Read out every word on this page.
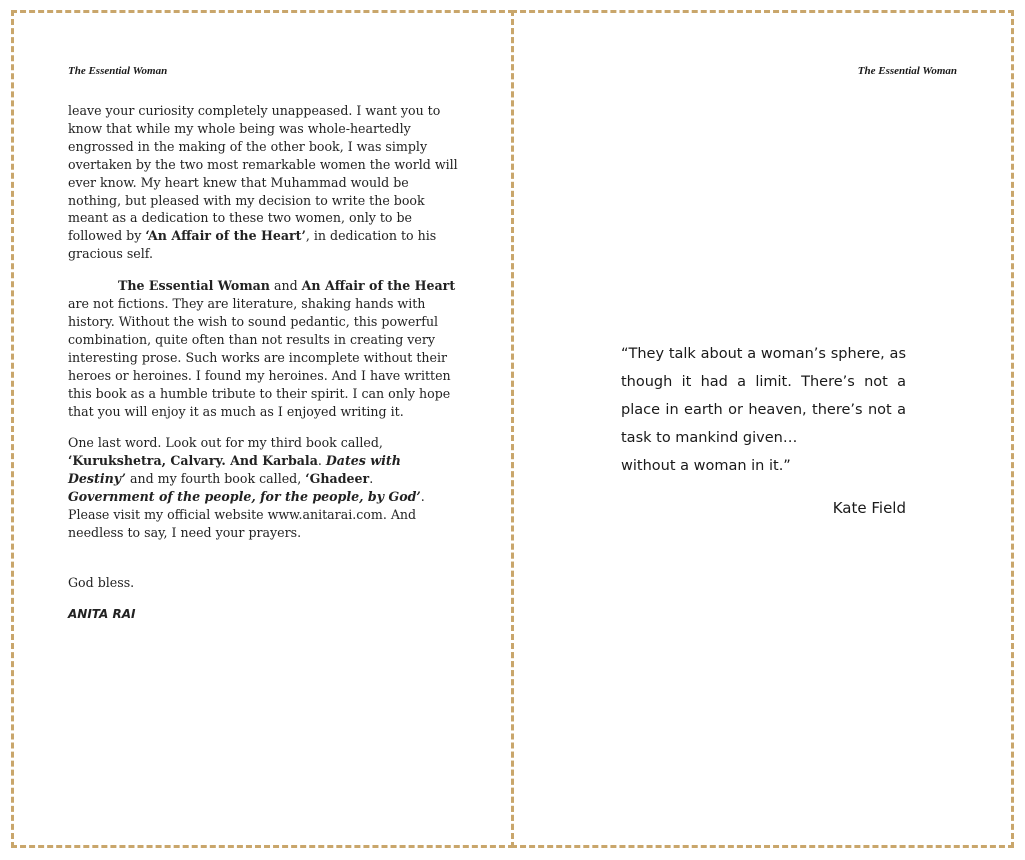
The Essential Woman

leave your curiosity completely unappeased. I want you to know that while my whole being was whole-heartedly engrossed in the making of the other book, I was simply overtaken by the two most remarkable women the world will ever know. My heart knew that Muhammad would be nothing, but pleased with my decision to write the book meant as a dedication to these two women, only to be followed by ‘An Affair of the Heart’, in dedication to his gracious self.

The Essential Woman and An Affair of the Heart are not fictions. They are literature, shaking hands with history. Without the wish to sound pedantic, this powerful combination, quite often than not results in creating very interesting prose. Such works are incomplete without their heroes or heroines. I found my heroines. And I have written this book as a humble tribute to their spirit. I can only hope that you will enjoy it as much as I enjoyed writing it.

One last word. Look out for my third book called, ‘Kurukshetra, Calvary. And Karbala. Dates with Destiny’ and my fourth book called, ‘Ghadeer. Government of the people, for the people, by God’. Please visit my official website www.anitarai.com. And needless to say, I need your prayers.

God bless.

ANITA RAI
The Essential Woman
“They talk about a woman’s sphere, as though it had a limit. There’s not a place in earth or heaven, there’s not a task to mankind given…
without a woman in it.”
Kate Field
